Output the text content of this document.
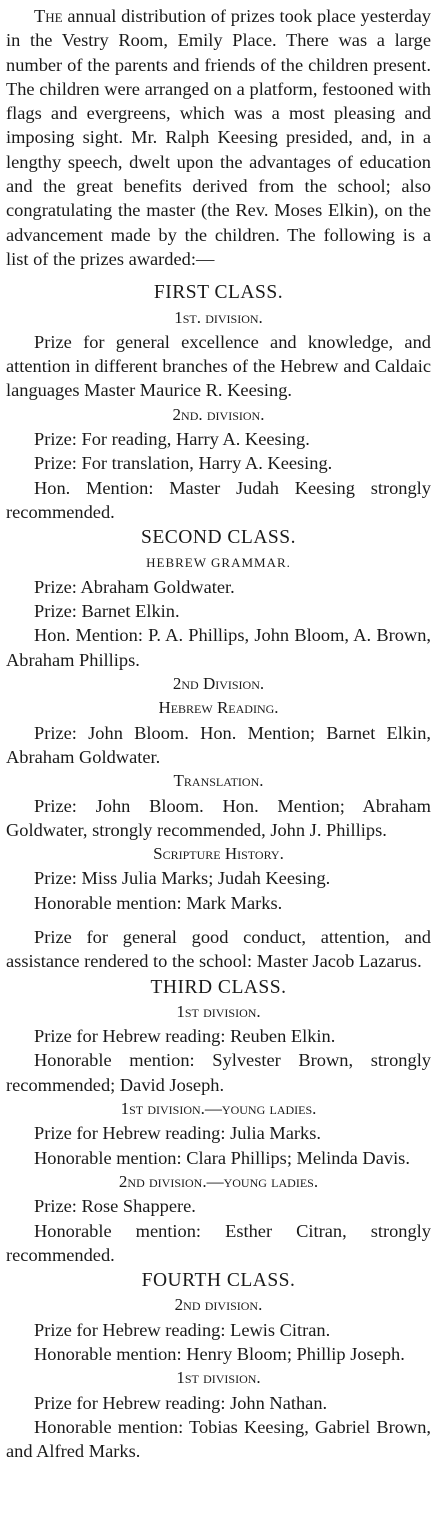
The annual distribution of prizes took place yesterday in the Vestry Room, Emily Place. There was a large number of the parents and friends of the children present. The children were arranged on a platform, festooned with flags and evergreens, which was a most pleasing and imposing sight. Mr. Ralph Keesing presided, and, in a lengthy speech, dwelt upon the advantages of education and the great benefits derived from the school; also congratulating the master (the Rev. Moses Elkin), on the advancement made by the children. The following is a list of the prizes awarded:—

FIRST CLASS.

1st. division.

Prize for general excellence and knowledge, and attention in different branches of the Hebrew and Caldaic languages Master Maurice R. Keesing.

2nd. division.

Prize: For reading, Harry A. Keesing.

Prize: For translation, Harry A. Keesing.

Hon. Mention: Master Judah Keesing strongly recommended.

SECOND CLASS.

HEBREW GRAMMAR.

Prize: Abraham Goldwater.

Prize: Barnet Elkin.

Hon. Mention: P. A. Phillips, John Bloom, A. Brown, Abraham Phillips.

2nd Division.

Hebrew Reading.

Prize: John Bloom. Hon. Mention; Barnet Elkin, Abraham Goldwater.

Translation.

Prize: John Bloom. Hon. Mention; Abraham Goldwater, strongly recommended, John J. Phillips.

Scripture History.

Prize: Miss Julia Marks; Judah Keesing.

Honorable mention: Mark Marks.

Prize for general good conduct, attention, and assistance rendered to the school: Master Jacob Lazarus.

THIRD CLASS.

1st division.

Prize for Hebrew reading: Reuben Elkin.

Honorable mention: Sylvester Brown, strongly recommended; David Joseph.

1st division.—young ladies.

Prize for Hebrew reading: Julia Marks.

Honorable mention: Clara Phillips; Melinda Davis.

2nd division.—young ladies.

Prize: Rose Shappere.

Honorable mention: Esther Citran, strongly recommended.

FOURTH CLASS.

2nd division.

Prize for Hebrew reading: Lewis Citran.

Honorable mention: Henry Bloom; Phillip Joseph.

1st division.

Prize for Hebrew reading: John Nathan.

Honorable mention: Tobias Keesing, Gabriel Brown, and Alfred Marks.
